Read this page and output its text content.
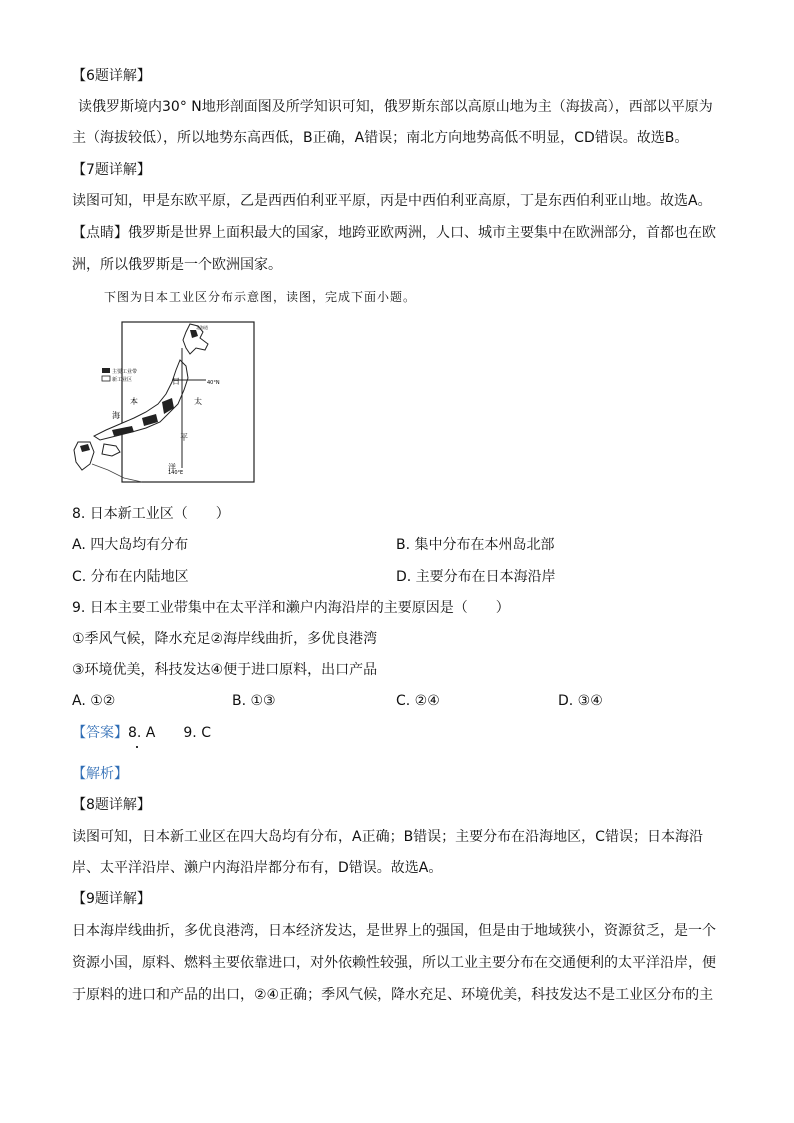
【6题详解】
读俄罗斯境内30° N地形剖面图及所学知识可知，俄罗斯东部以高原山地为主（海拔高），西部以平原为
主（海拔较低），所以地势东高西低，B正确，A错误；南北方向地势高低不明显，CD错误。故选B。
【7题详解】
读图可知，甲是东欧平原，乙是西西伯利亚平原，丙是中西伯利亚高原，丁是东西伯利亚山地。故选A。
【点睛】俄罗斯是世界上面积最大的国家，地跨亚欧两洲，人口、城市主要集中在欧洲部分，首都也在欧
洲，所以俄罗斯是一个欧洲国家。
下图为日本工业区分布示意图，读图，完成下面小题。
主要工业带
新工业区
北海道
40°N
140°E
日
本
海
太
平
洋
8. 日本新工业区（　　）
A. 四大岛均有分布	B. 集中分布在本州岛北部
C. 分布在内陆地区	D. 主要分布在日本海沿岸
9. 日本主要工业带集中在太平洋和濑户内海沿岸的主要原因是（　　）
①季风气候，降水充足②海岸线曲折，多优良港湾
③环境优美，科技发达④便于进口原料，出口产品
A. ①②	B. ①③	C. ②④	D. ③④
【答案】8. A　　9. C
【解析】
【8题详解】
读图可知，日本新工业区在四大岛均有分布，A正确；B错误；主要分布在沿海地区，C错误；日本海沿
岸、太平洋沿岸、濑户内海沿岸都分布有，D错误。故选A。
【9题详解】
日本海岸线曲折，多优良港湾，日本经济发达，是世界上的强国，但是由于地域狭小，资源贫乏，是一个
资源小国，原料、燃料主要依靠进口，对外依赖性较强，所以工业主要分布在交通便利的太平洋沿岸，便
于原料的进口和产品的出口，②④正确；季风气候，降水充足、环境优美，科技发达不是工业区分布的主
